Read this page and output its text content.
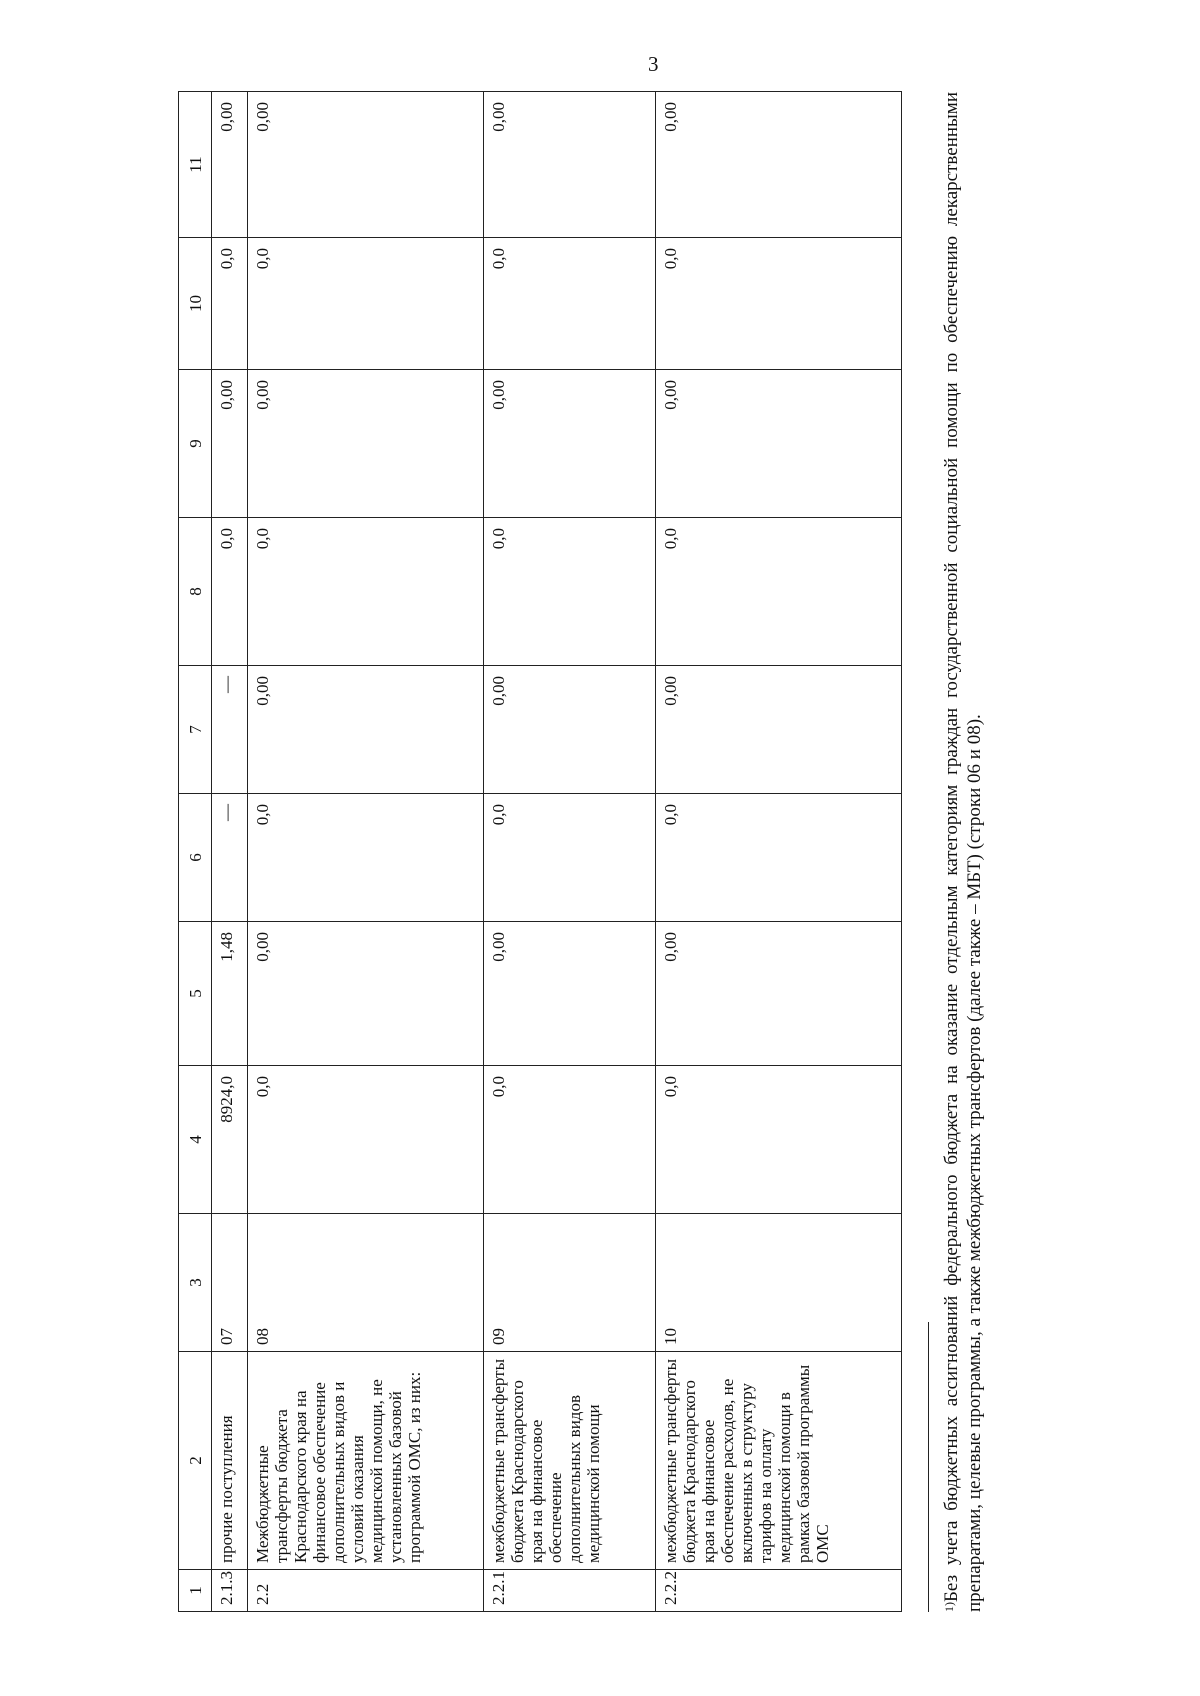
3
1	2	3	4	5	6	7	8	9	10	11
2.1.3	прочие поступления	07	8924,0	1,48	—	—	0,0	0,00	0,0	0,00
2.2	Межбюджетные трансферты бюджета Краснодарского края на финансовое обеспечение дополнительных видов и условий оказания медицинской помощи, не установленных базовой программой ОМС, из них:	08	0,0	0,00	0,0	0,00	0,0	0,00	0,0	0,00
2.2.1	межбюджетные трансферты бюджета Краснодарского края на финансовое обеспечение дополнительных видов медицинской помощи	09	0,0	0,00	0,0	0,00	0,0	0,00	0,0	0,00
2.2.2	межбюджетные трансферты бюджета Краснодарского края на финансовое обеспечение расходов, не включенных в структуру тарифов на оплату медицинской помощи в рамках базовой программы ОМС	10	0,0	0,00	0,0	0,00	0,0	0,00	0,0	0,00
$^{1)}$Без учета бюджетных ассигнований федерального бюджета на оказание отдельным категориям граждан государственной социальной помощи по обеспечению лекарственными препаратами, целевые программы, а также межбюджетных трансфертов (далее также – МБТ) (строки 06 и 08).
